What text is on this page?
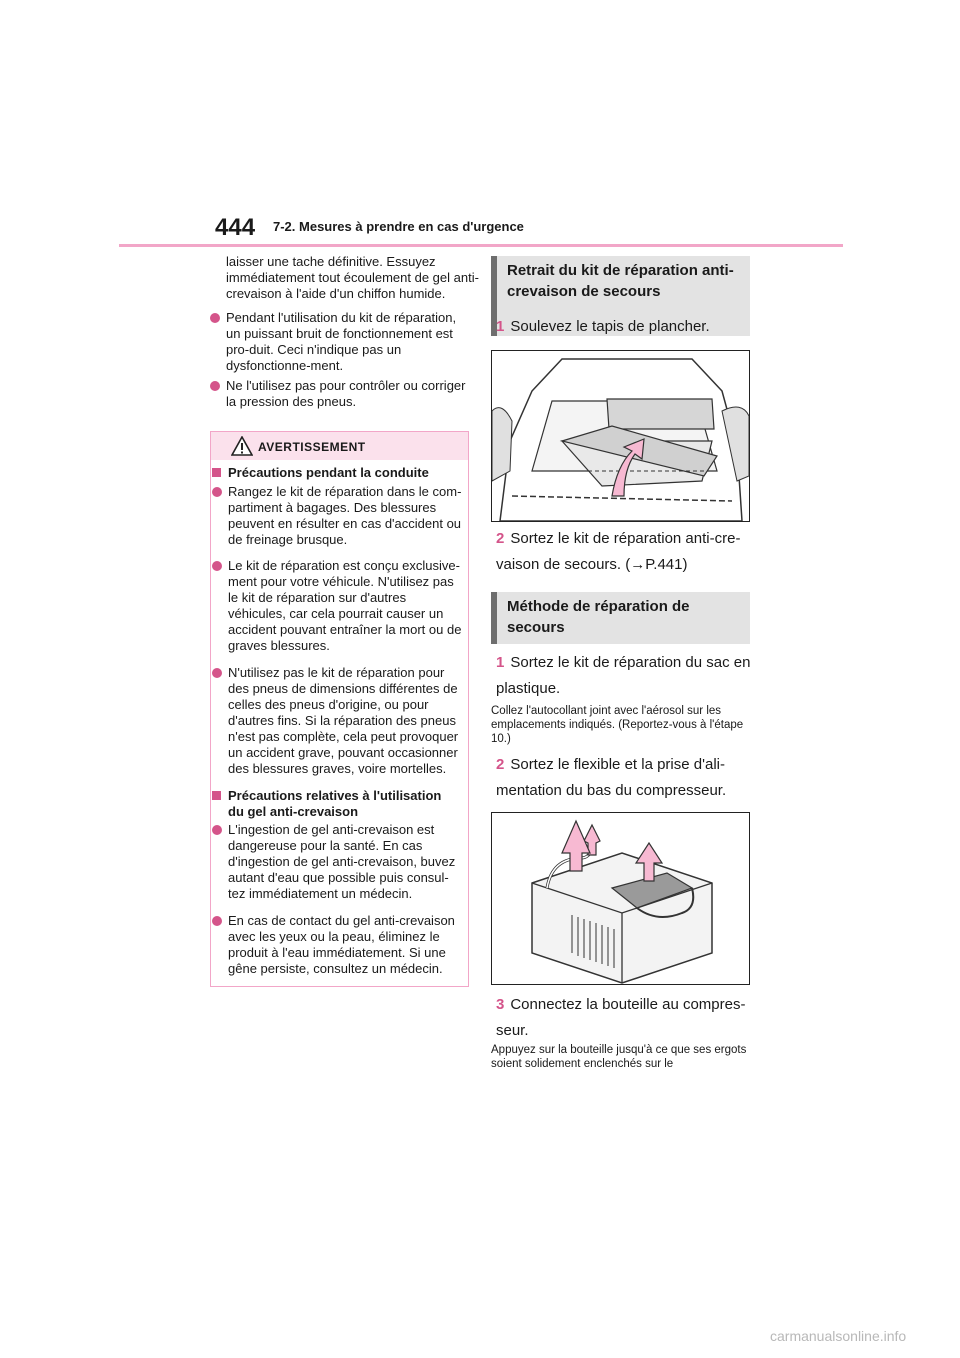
444 7-2. Mesures à prendre en cas d'urgence
laisser une tache définitive. Essuyez immédiatement tout écoulement de gel anti-crevaison à l'aide d'un chiffon humide.
Pendant l'utilisation du kit de réparation, un puissant bruit de fonctionnement est pro-duit. Ceci n'indique pas un dysfonctionne-ment.
Ne l'utilisez pas pour contrôler ou corriger la pression des pneus.
AVERTISSEMENT
Précautions pendant la conduite
Rangez le kit de réparation dans le com-partiment à bagages. Des blessures peuvent en résulter en cas d'accident ou de freinage brusque.
Le kit de réparation est conçu exclusive-ment pour votre véhicule. N'utilisez pas le kit de réparation sur d'autres véhicules, car cela pourrait causer un accident pouvant entraîner la mort ou de graves blessures.
N'utilisez pas le kit de réparation pour des pneus de dimensions différentes de celles des pneus d'origine, ou pour d'autres fins. Si la réparation des pneus n'est pas complète, cela peut provoquer un accident grave, pouvant occasionner des blessures graves, voire mortelles.
Précautions relatives à l'utilisation du gel anti-crevaison
L'ingestion de gel anti-crevaison est dangereuse pour la santé. En cas d'ingestion de gel anti-crevaison, buvez autant d'eau que possible puis consul-tez immédiatement un médecin.
En cas de contact du gel anti-crevaison avec les yeux ou la peau, éliminez le produit à l'eau immédiatement. Si une gêne persiste, consultez un médecin.
Retrait du kit de réparation anti-crevaison de secours
1 Soulevez le tapis de plancher.
2 Sortez le kit de réparation anti-cre-vaison de secours. (→P.441)
Méthode de réparation de secours
1 Sortez le kit de réparation du sac en plastique.
Collez l'autocollant joint avec l'aérosol sur les emplacements indiqués. (Reportez-vous à l'étape 10.)
2 Sortez le flexible et la prise d'ali-mentation du bas du compresseur.
3 Connectez la bouteille au compres-seur.
Appuyez sur la bouteille jusqu'à ce que ses ergots soient solidement enclenchés sur le
carmanualsonline.info
